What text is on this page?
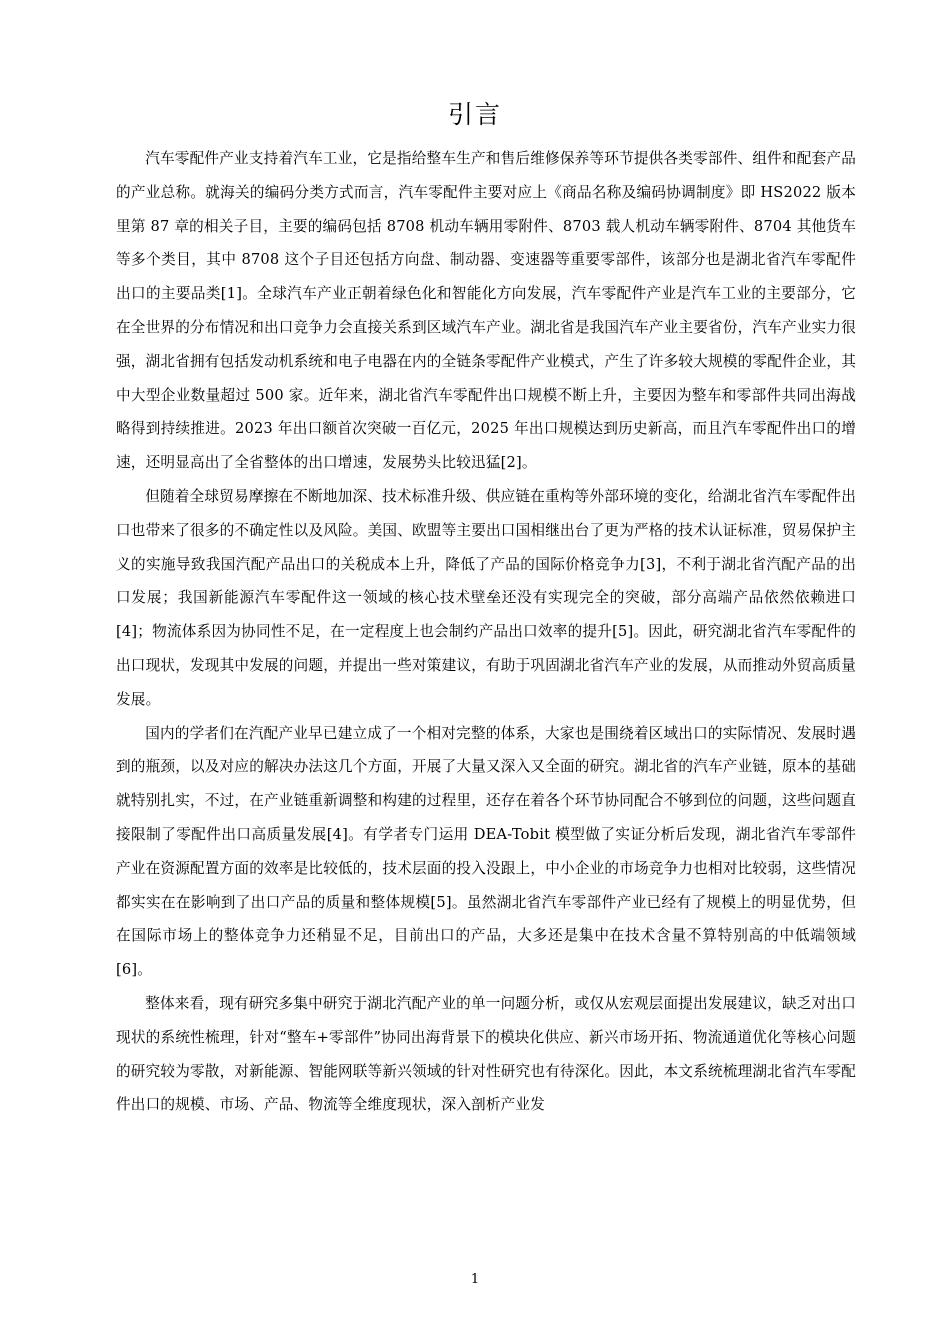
引言

汽车零配件产业支持着汽车工业，它是指给整车生产和售后维修保养等环节提供各类零部件、组件和配套产品的产业总称。就海关的编码分类方式而言，汽车零配件主要对应上《商品名称及编码协调制度》即 HS2022 版本里第 87 章的相关子目，主要的编码包括 8708 机动车辆用零附件、8703 载人机动车辆零附件、8704 其他货车等多个类目，其中 8708 这个子目还包括方向盘、制动器、变速器等重要零部件，该部分也是湖北省汽车零配件出口的主要品类[1]。全球汽车产业正朝着绿色化和智能化方向发展，汽车零配件产业是汽车工业的主要部分，它在全世界的分布情况和出口竞争力会直接关系到区域汽车产业。湖北省是我国汽车产业主要省份，汽车产业实力很强，湖北省拥有包括发动机系统和电子电器在内的全链条零配件产业模式，产生了许多较大规模的零配件企业，其中大型企业数量超过 500 家。近年来，湖北省汽车零配件出口规模不断上升，主要因为整车和零部件共同出海战略得到持续推进。2023 年出口额首次突破一百亿元，2025 年出口规模达到历史新高，而且汽车零配件出口的增速，还明显高出了全省整体的出口增速，发展势头比较迅猛[2]。

但随着全球贸易摩擦在不断地加深、技术标准升级、供应链在重构等外部环境的变化，给湖北省汽车零配件出口也带来了很多的不确定性以及风险。美国、欧盟等主要出口国相继出台了更为严格的技术认证标准，贸易保护主义的实施导致我国汽配产品出口的关税成本上升，降低了产品的国际价格竞争力[3]，不利于湖北省汽配产品的出口发展；我国新能源汽车零配件这一领域的核心技术壁垒还没有实现完全的突破，部分高端产品依然依赖进口[4]；物流体系因为协同性不足，在一定程度上也会制约产品出口效率的提升[5]。因此，研究湖北省汽车零配件的出口现状，发现其中发展的问题，并提出一些对策建议，有助于巩固湖北省汽车产业的发展，从而推动外贸高质量发展。

国内的学者们在汽配产业早已建立成了一个相对完整的体系，大家也是围绕着区域出口的实际情况、发展时遇到的瓶颈，以及对应的解决办法这几个方面，开展了大量又深入又全面的研究。湖北省的汽车产业链，原本的基础就特别扎实，不过，在产业链重新调整和构建的过程里，还存在着各个环节协同配合不够到位的问题，这些问题直接限制了零配件出口高质量发展[4]。有学者专门运用 DEA-Tobit 模型做了实证分析后发现，湖北省汽车零部件产业在资源配置方面的效率是比较低的，技术层面的投入没跟上，中小企业的市场竞争力也相对比较弱，这些情况都实实在在影响到了出口产品的质量和整体规模[5]。虽然湖北省汽车零部件产业已经有了规模上的明显优势，但在国际市场上的整体竞争力还稍显不足，目前出口的产品，大多还是集中在技术含量不算特别高的中低端领域[6]。

整体来看，现有研究多集中研究于湖北汽配产业的单一问题分析，或仅从宏观层面提出发展建议，缺乏对出口现状的系统性梳理，针对“整车+零部件”协同出海背景下的模块化供应、新兴市场开拓、物流通道优化等核心问题的研究较为零散，对新能源、智能网联等新兴领域的针对性研究也有待深化。因此，本文系统梳理湖北省汽车零配件出口的规模、市场、产品、物流等全维度现状，深入剖析产业发

1
